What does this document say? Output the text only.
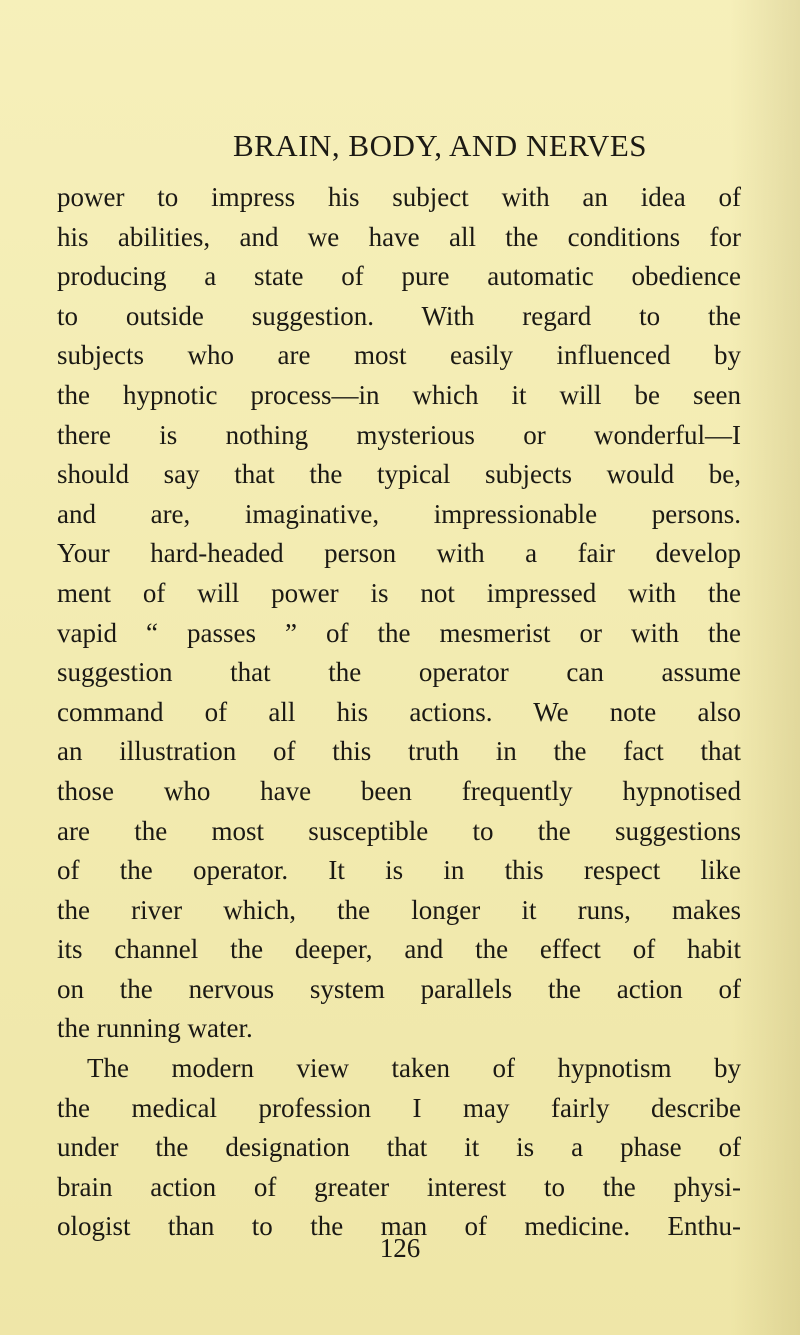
BRAIN, BODY, AND NERVES
power to impress his subject with an idea of
his abilities, and we have all the conditions for
producing a state of pure automatic obedience
to outside suggestion. With regard to the
subjects who are most easily influenced by
the hypnotic process—in which it will be seen
there is nothing mysterious or wonderful—I
should say that the typical subjects would be,
and are, imaginative, impressionable persons.
Your hard-headed person with a fair develop
ment of will power is not impressed with the
vapid “ passes ” of the mesmerist or with the
suggestion that the operator can assume
command of all his actions. We note also
an illustration of this truth in the fact that
those who have been frequently hypnotised
are the most susceptible to the suggestions
of the operator. It is in this respect like
the river which, the longer it runs, makes
its channel the deeper, and the effect of habit
on the nervous system parallels the action of
the running water.
The modern view taken of hypnotism by
the medical profession I may fairly describe
under the designation that it is a phase of
brain action of greater interest to the physi-
ologist than to the man of medicine. Enthu-
126
